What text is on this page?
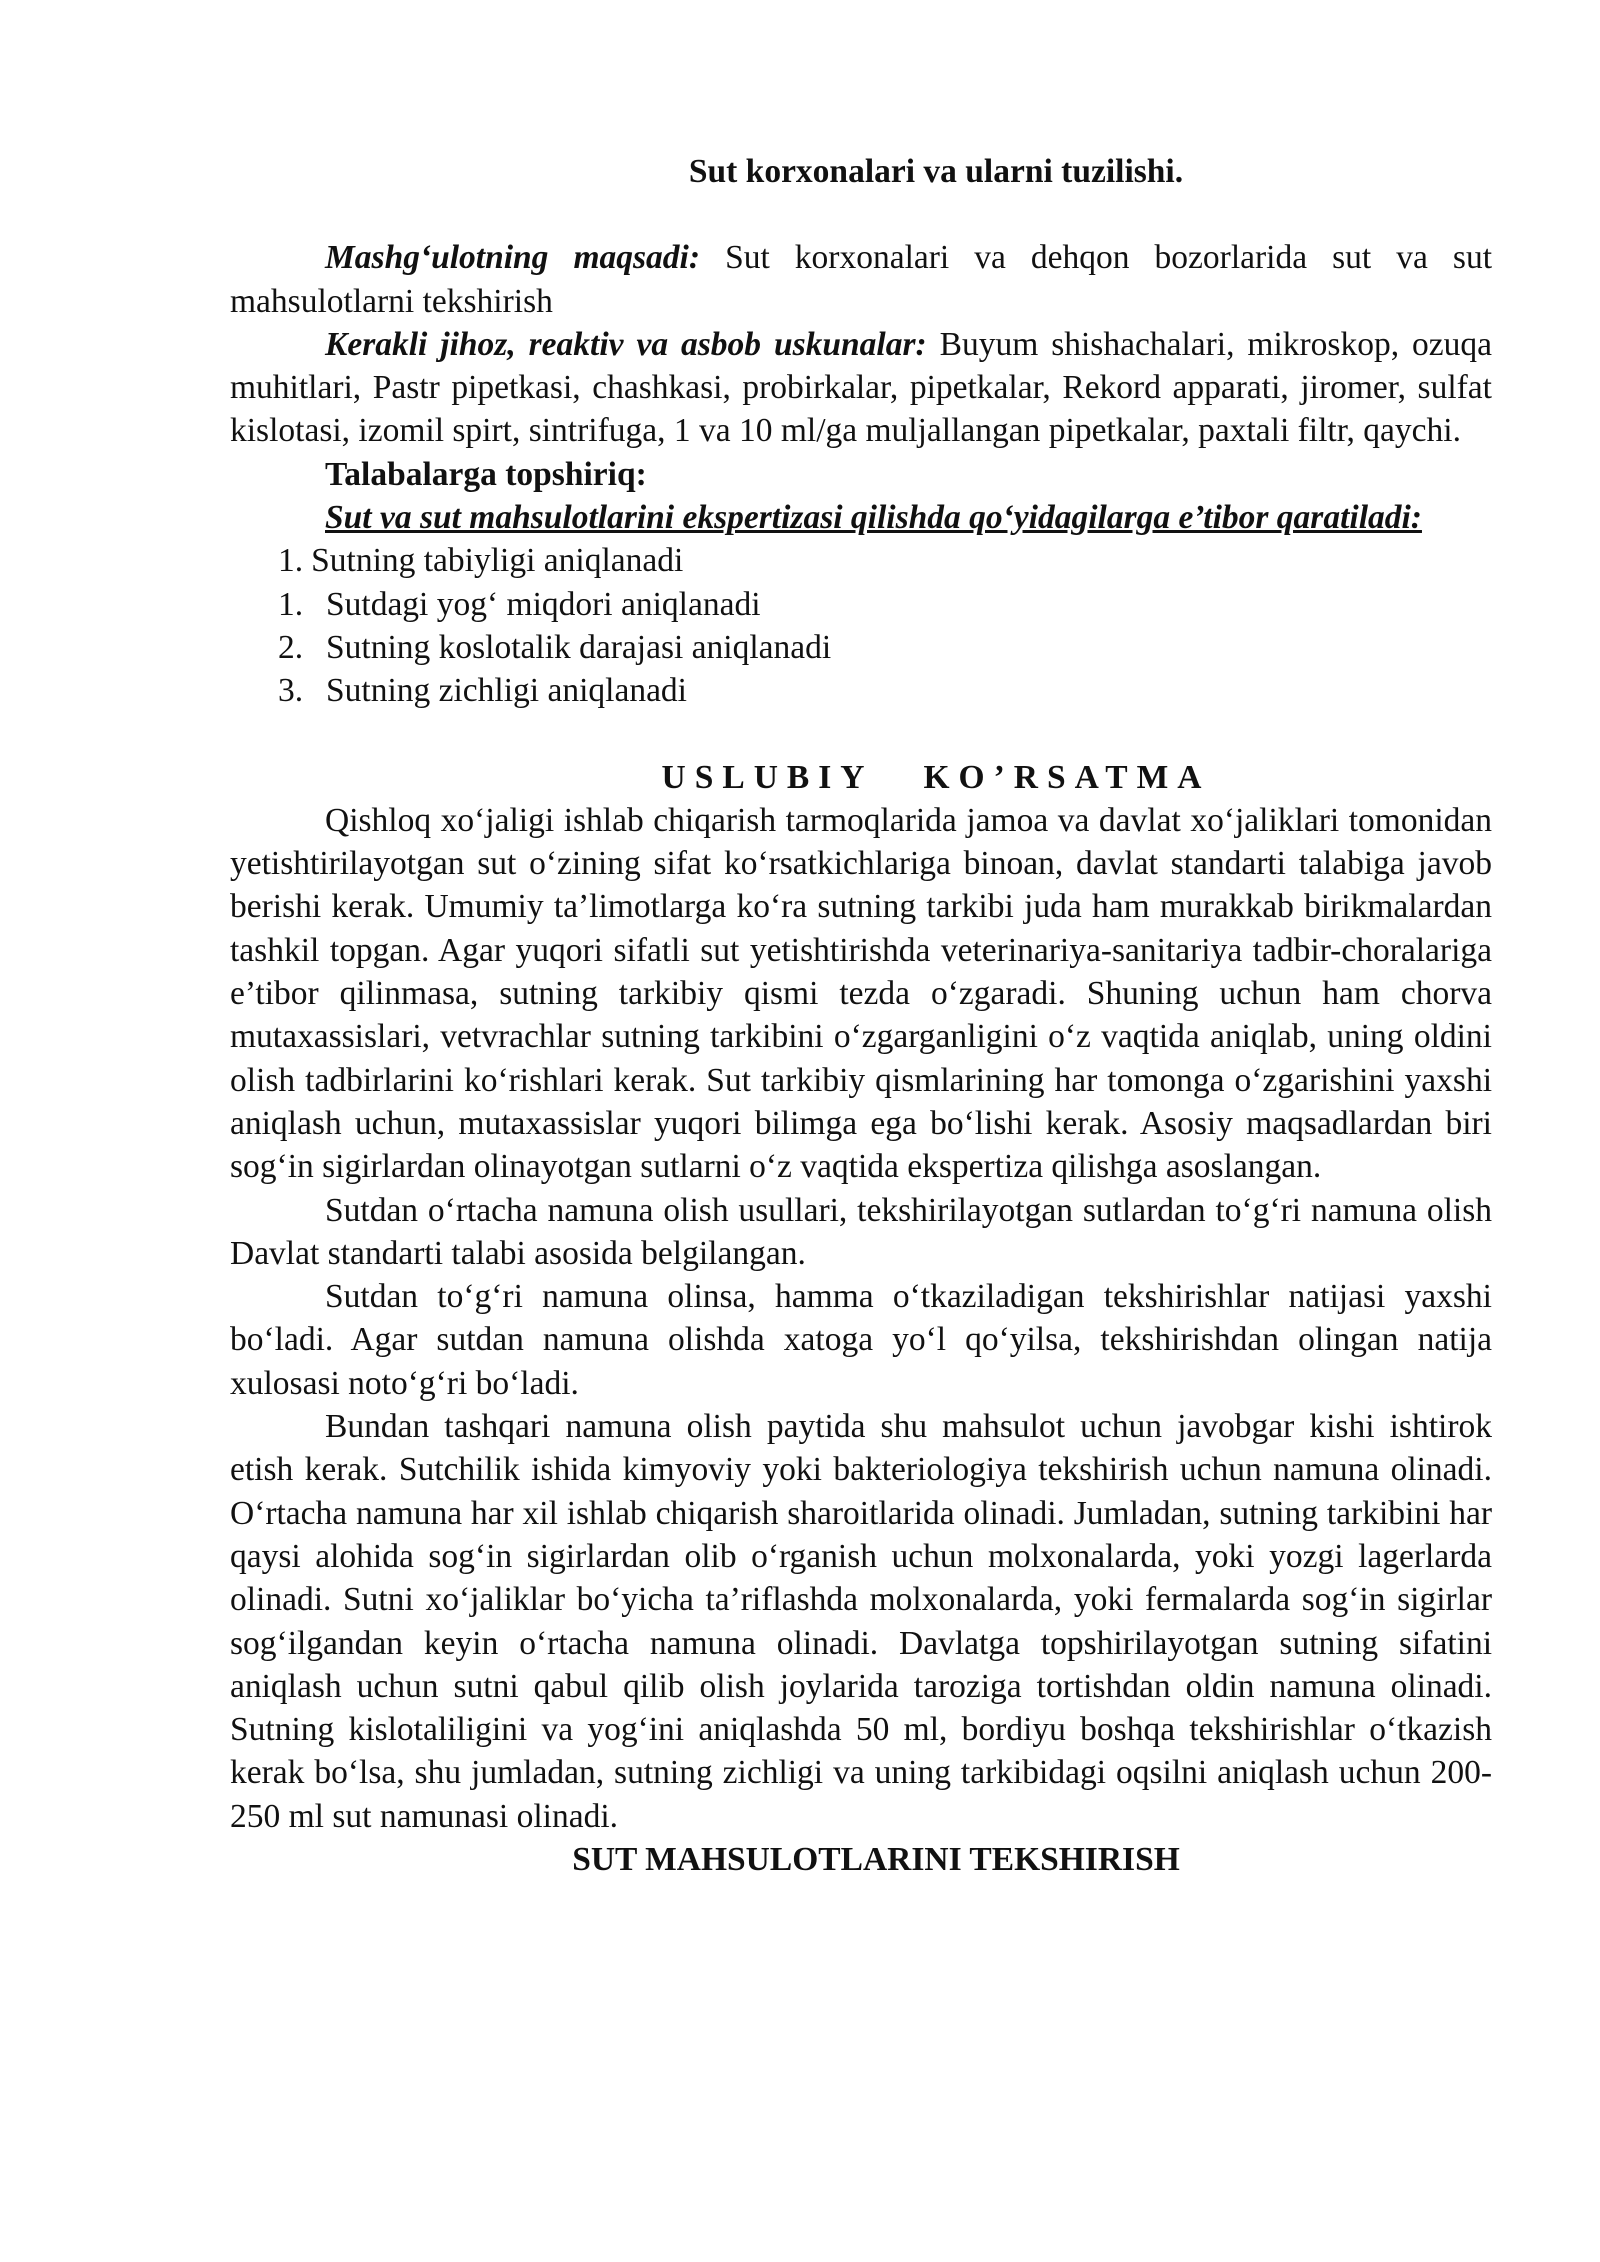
Sut korxonalari va ularni tuzilishi.

Mashg‘ulotning maqsadi: Sut korxonalari va dehqon bozorlarida sut va sut mahsulotlarni tekshirish

Kerakli jihoz, reaktiv va asbob uskunalar: Buyum shishachalari, mikroskop, ozuqa muhitlari, Pastr pipetkasi, chashkasi, probirkalar, pipetkalar, Rekord apparati, jiromer, sulfat kislotasi, izomil spirt, sintrifuga, 1 va 10 ml/ga muljallangan pipetkalar, paxtali filtr, qaychi.

Talabalarga topshiriq:

Sut va sut mahsulotlarini ekspertizasi qilishda qo‘yidagilarga e’tibor qaratiladi:

1. Sutning tabiyligi aniqlanadi
1. Sutdagi yog‘ miqdori aniqlanadi
2. Sutning koslotalik darajasi aniqlanadi
3. Sutning zichligi aniqlanadi

USLUBIY KO’RSATMA

Qishloq xo‘jaligi ishlab chiqarish tarmoqlarida jamoa va davlat xo‘jaliklari tomonidan yetishtirilayotgan sut o‘zining sifat ko‘rsatkichlariga binoan, davlat standarti talabiga javob berishi kerak. Umumiy ta’limotlarga ko‘ra sutning tarkibi juda ham murakkab birikmalardan tashkil topgan. Agar yuqori sifatli sut yetishtirishda veterinariya-sanitariya tadbir-choralariga e’tibor qilinmasa, sutning tarkibiy qismi tezda o‘zgaradi. Shuning uchun ham chorva mutaxassislari, vetvrachlar sutning tarkibini o‘zgarganligini o‘z vaqtida aniqlab, uning oldini olish tadbirlarini ko‘rishlari kerak. Sut tarkibiy qismlarining har tomonga o‘zgarishini yaxshi aniqlash uchun, mutaxassislar yuqori bilimga ega bo‘lishi kerak. Asosiy maqsadlardan biri sog‘in sigirlardan olinayotgan sutlarni o‘z vaqtida ekspertiza qilishga asoslangan.

Sutdan o‘rtacha namuna olish usullari, tekshirilayotgan sutlardan to‘g‘ri namuna olish Davlat standarti talabi asosida belgilangan.

Sutdan to‘g‘ri namuna olinsa, hamma o‘tkaziladigan tekshirishlar natijasi yaxshi bo‘ladi. Agar sutdan namuna olishda xatoga yo‘l qo‘yilsa, tekshirishdan olingan natija xulosasi noto‘g‘ri bo‘ladi.

Bundan tashqari namuna olish paytida shu mahsulot uchun javobgar kishi ishtirok etish kerak. Sutchilik ishida kimyoviy yoki bakteriologiya tekshirish uchun namuna olinadi. O‘rtacha namuna har xil ishlab chiqarish sharoitlarida olinadi. Jumladan, sutning tarkibini har qaysi alohida sog‘in sigirlardan olib o‘rganish uchun molxonalarda, yoki yozgi lagerlarda olinadi. Sutni xo‘jaliklar bo‘yicha ta’riflashda molxonalarda, yoki fermalarda sog‘in sigirlar sog‘ilgandan keyin o‘rtacha namuna olinadi. Davlatga topshirilayotgan sutning sifatini aniqlash uchun sutni qabul qilib olish joylarida taroziga tortishdan oldin namuna olinadi. Sutning kislotaliligini va yog‘ini aniqlashda 50 ml, bordiyu boshqa tekshirishlar o‘tkazish kerak bo‘lsa, shu jumladan, sutning zichligi va uning tarkibidagi oqsilni aniqlash uchun 200-250 ml sut namunasi olinadi.

SUT MAHSULOTLARINI TEKSHIRISH
